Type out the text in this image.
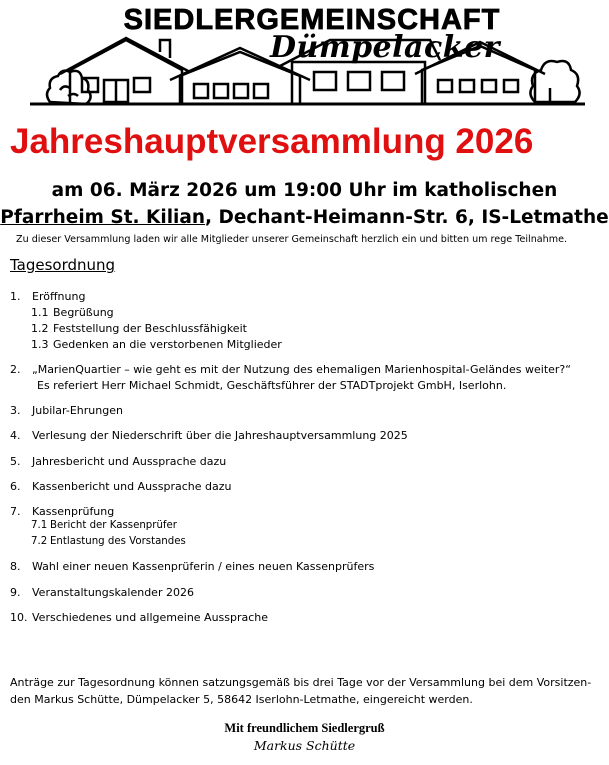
SIEDLERGEMEINSCHAFT
Dümpelacker
Jahreshauptversammlung 2026
am 06. März 2026 um 19:00 Uhr im katholischen
Pfarrheim St. Kilian, Dechant-Heimann-Str. 6, IS-Letmathe
Zu dieser Versammlung laden wir alle Mitglieder unserer Gemeinschaft herzlich ein und bitten um rege Teilnahme.
Tagesordnung
1. Eröffnung
1.1 Begrüßung
1.2 Feststellung der Beschlussfähigkeit
1.3 Gedenken an die verstorbenen Mitglieder
2. „MarienQuartier – wie geht es mit der Nutzung des ehemaligen Marienhospital-Geländes weiter?“
Es referiert Herr Michael Schmidt, Geschäftsführer der STADTprojekt GmbH, Iserlohn.
3. Jubilar-Ehrungen
4. Verlesung der Niederschrift über die Jahreshauptversammlung 2025
5. Jahresbericht und Aussprache dazu
6. Kassenbericht und Aussprache dazu
7. Kassenprüfung
7.1 Bericht der Kassenprüfer
7.2 Entlastung des Vorstandes
8. Wahl einer neuen Kassenprüferin / eines neuen Kassenprüfers
9. Veranstaltungskalender 2026
10. Verschiedenes und allgemeine Aussprache
Anträge zur Tagesordnung können satzungsgemäß bis drei Tage vor der Versammlung bei dem Vorsitzen-
den Markus Schütte, Dümpelacker 5, 58642 Iserlohn-Letmathe, eingereicht werden.
Mit freundlichem Siedlergruß
Markus Schütte
